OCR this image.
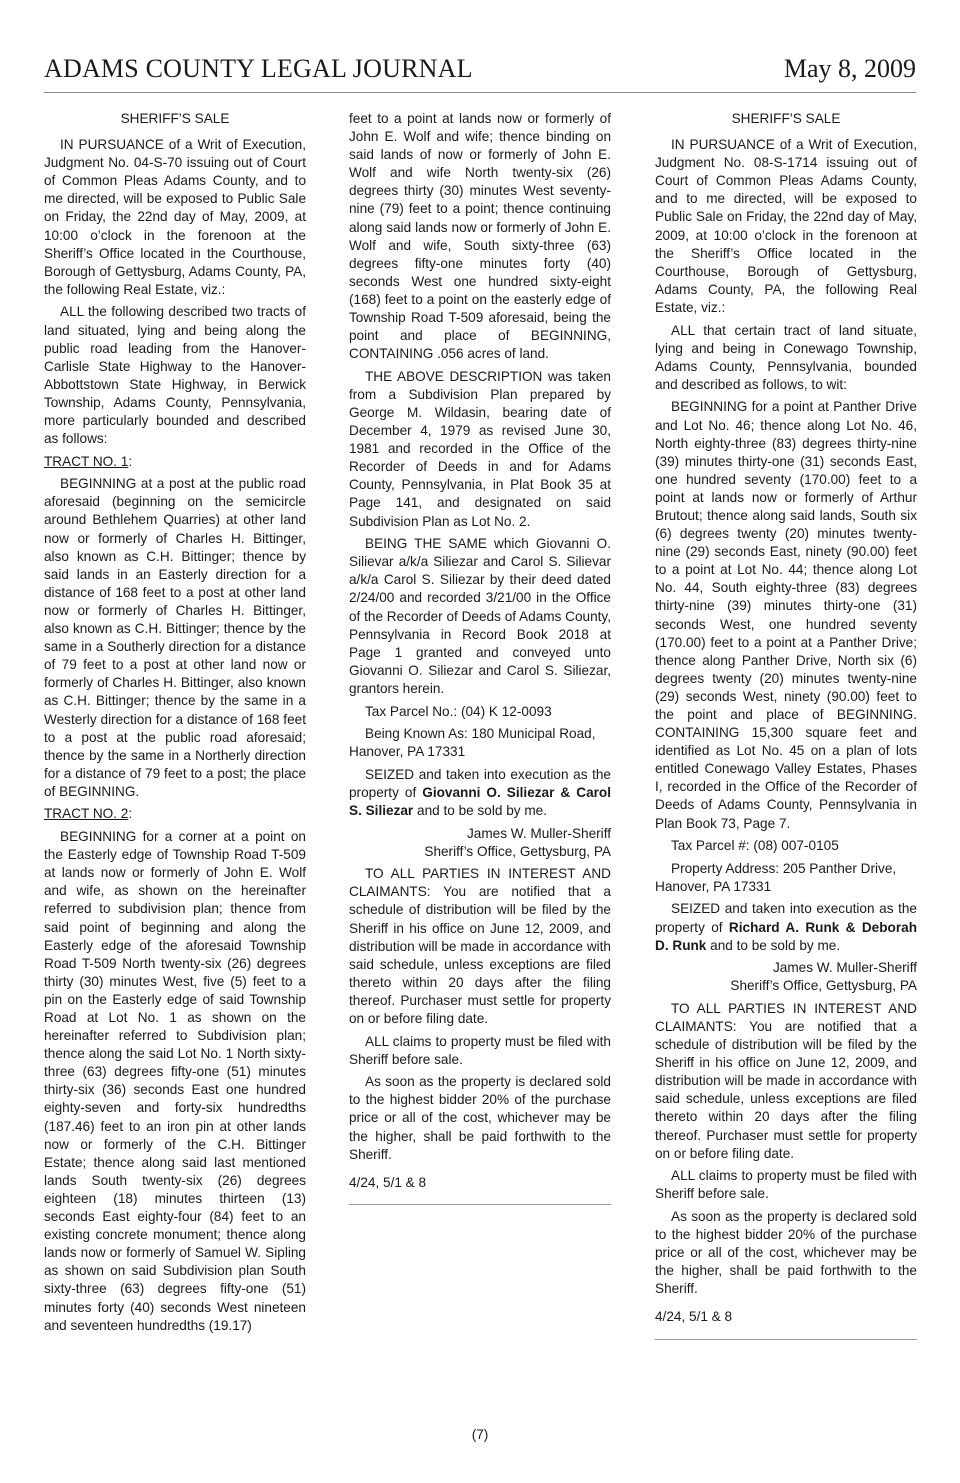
ADAMS COUNTY LEGAL JOURNAL	May 8, 2009

SHERIFF’S SALE

IN PURSUANCE of a Writ of Execution, Judgment No. 04-S-70 issuing out of Court of Common Pleas Adams County, and to me directed, will be exposed to Public Sale on Friday, the 22nd day of May, 2009, at 10:00 o’clock in the forenoon at the Sheriff’s Office located in the Courthouse, Borough of Gettysburg, Adams County, PA, the following Real Estate, viz.:

ALL the following described two tracts of land situated, lying and being along the public road leading from the Hanover-Carlisle State Highway to the Hanover-Abbottstown State Highway, in Berwick Township, Adams County, Pennsylvania, more particularly bounded and described as follows:

TRACT NO. 1:

BEGINNING at a post at the public road aforesaid (beginning on the semicircle around Bethlehem Quarries) at other land now or formerly of Charles H. Bittinger, also known as C.H. Bittinger; thence by said lands in an Easterly direction for a distance of 168 feet to a post at other land now or formerly of Charles H. Bittinger, also known as C.H. Bittinger; thence by the same in a Southerly direction for a distance of 79 feet to a post at other land now or formerly of Charles H. Bittinger, also known as C.H. Bittinger; thence by the same in a Westerly direction for a distance of 168 feet to a post at the public road aforesaid; thence by the same in a Northerly direction for a distance of 79 feet to a post; the place of BEGINNING.

TRACT NO. 2:

BEGINNING for a corner at a point on the Easterly edge of Township Road T-509 at lands now or formerly of John E. Wolf and wife, as shown on the hereinafter referred to subdivision plan; thence from said point of beginning and along the Easterly edge of the aforesaid Township Road T-509 North twenty-six (26) degrees thirty (30) minutes West, five (5) feet to a pin on the Easterly edge of said Township Road at Lot No. 1 as shown on the hereinafter referred to Subdivision plan; thence along the said Lot No. 1 North sixty-three (63) degrees fifty-one (51) minutes thirty-six (36) seconds East one hundred eighty-seven and forty-six hundredths (187.46) feet to an iron pin at other lands now or formerly of the C.H. Bittinger Estate; thence along said last mentioned lands South twenty-six (26) degrees eighteen (18) minutes thirteen (13) seconds East eighty-four (84) feet to an existing concrete monument; thence along lands now or formerly of Samuel W. Sipling as shown on said Subdivision plan South sixty-three (63) degrees fifty-one (51) minutes forty (40) seconds West nineteen and seventeen hundredths (19.17)

feet to a point at lands now or formerly of John E. Wolf and wife; thence binding on said lands of now or formerly of John E. Wolf and wife North twenty-six (26) degrees thirty (30) minutes West seventy-nine (79) feet to a point; thence continuing along said lands now or formerly of John E. Wolf and wife, South sixty-three (63) degrees fifty-one minutes forty (40) seconds West one hundred sixty-eight (168) feet to a point on the easterly edge of Township Road T-509 aforesaid, being the point and place of BEGINNING, CONTAINING .056 acres of land.

THE ABOVE DESCRIPTION was taken from a Subdivision Plan prepared by George M. Wildasin, bearing date of December 4, 1979 as revised June 30, 1981 and recorded in the Office of the Recorder of Deeds in and for Adams County, Pennsylvania, in Plat Book 35 at Page 141, and designated on said Subdivision Plan as Lot No. 2.

BEING THE SAME which Giovanni O. Silievar a/k/a Siliezar and Carol S. Silievar a/k/a Carol S. Siliezar by their deed dated 2/24/00 and recorded 3/21/00 in the Office of the Recorder of Deeds of Adams County, Pennsylvania in Record Book 2018 at Page 1 granted and conveyed unto Giovanni O. Siliezar and Carol S. Siliezar, grantors herein.

Tax Parcel No.: (04) K 12-0093

Being Known As: 180 Municipal Road, Hanover, PA 17331

SEIZED and taken into execution as the property of Giovanni O. Siliezar & Carol S. Siliezar and to be sold by me.

James W. Muller-Sheriff

Sheriff’s Office, Gettysburg, PA

TO ALL PARTIES IN INTEREST AND CLAIMANTS: You are notified that a schedule of distribution will be filed by the Sheriff in his office on June 12, 2009, and distribution will be made in accordance with said schedule, unless exceptions are filed thereto within 20 days after the filing thereof. Purchaser must settle for property on or before filing date.

ALL claims to property must be filed with Sheriff before sale.

As soon as the property is declared sold to the highest bidder 20% of the purchase price or all of the cost, whichever may be the higher, shall be paid forthwith to the Sheriff.

4/24, 5/1 & 8

SHERIFF’S SALE

IN PURSUANCE of a Writ of Execution, Judgment No. 08-S-1714 issuing out of Court of Common Pleas Adams County, and to me directed, will be exposed to Public Sale on Friday, the 22nd day of May, 2009, at 10:00 o’clock in the forenoon at the Sheriff’s Office located in the Courthouse, Borough of Gettysburg, Adams County, PA, the following Real Estate, viz.:

ALL that certain tract of land situate, lying and being in Conewago Township, Adams County, Pennsylvania, bounded and described as follows, to wit:

BEGINNING for a point at Panther Drive and Lot No. 46; thence along Lot No. 46, North eighty-three (83) degrees thirty-nine (39) minutes thirty-one (31) seconds East, one hundred seventy (170.00) feet to a point at lands now or formerly of Arthur Brutout; thence along said lands, South six (6) degrees twenty (20) minutes twenty-nine (29) seconds East, ninety (90.00) feet to a point at Lot No. 44; thence along Lot No. 44, South eighty-three (83) degrees thirty-nine (39) minutes thirty-one (31) seconds West, one hundred seventy (170.00) feet to a point at a Panther Drive; thence along Panther Drive, North six (6) degrees twenty (20) minutes twenty-nine (29) seconds West, ninety (90.00) feet to the point and place of BEGINNING. CONTAINING 15,300 square feet and identified as Lot No. 45 on a plan of lots entitled Conewago Valley Estates, Phases I, recorded in the Office of the Recorder of Deeds of Adams County, Pennsylvania in Plan Book 73, Page 7.

Tax Parcel #: (08) 007-0105

Property Address: 205 Panther Drive, Hanover, PA 17331

SEIZED and taken into execution as the property of Richard A. Runk & Deborah D. Runk and to be sold by me.

James W. Muller-Sheriff

Sheriff’s Office, Gettysburg, PA

TO ALL PARTIES IN INTEREST AND CLAIMANTS: You are notified that a schedule of distribution will be filed by the Sheriff in his office on June 12, 2009, and distribution will be made in accordance with said schedule, unless exceptions are filed thereto within 20 days after the filing thereof. Purchaser must settle for property on or before filing date.

ALL claims to property must be filed with Sheriff before sale.

As soon as the property is declared sold to the highest bidder 20% of the purchase price or all of the cost, whichever may be the higher, shall be paid forthwith to the Sheriff.

4/24, 5/1 & 8

(7)
